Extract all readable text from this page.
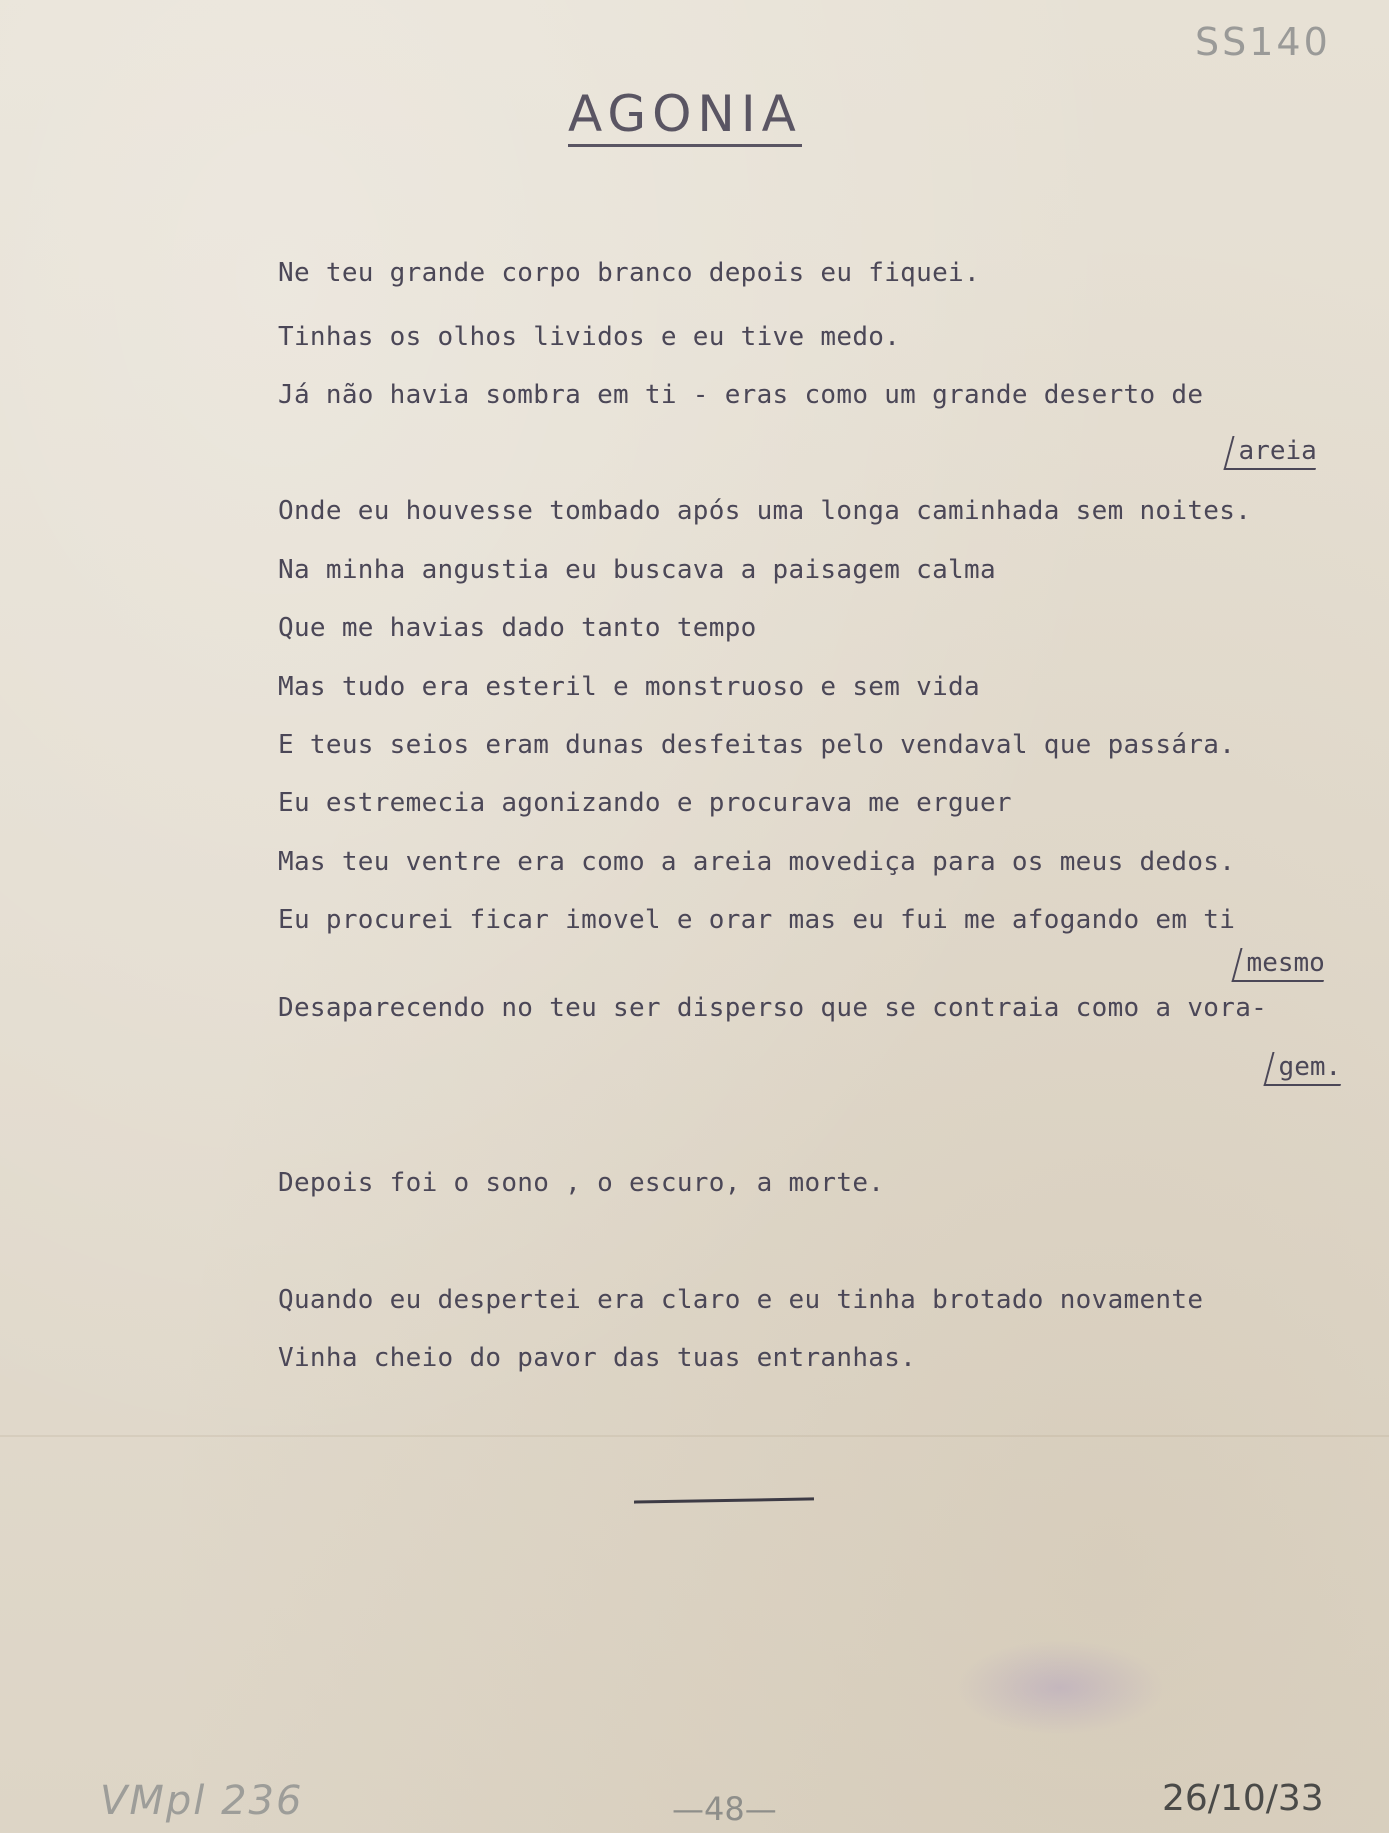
SS140
AGONIA
Ne teu grande corpo branco depois eu fiquei.
Tinhas os olhos lividos e eu tive medo.
Já não havia sombra em ti - eras como um grande deserto de
areia
Onde eu houvesse tombado após uma longa caminhada sem noites.
Na minha angustia eu buscava a paisagem calma
Que me havias dado tanto tempo
Mas tudo era esteril e monstruoso e sem vida
E teus seios eram dunas desfeitas pelo vendaval que passára.
Eu estremecia agonizando e procurava me erguer
Mas teu ventre era como a areia movediça para os meus dedos.
Eu procurei ficar imovel e orar mas eu fui me afogando em ti
mesmo
Desaparecendo no teu ser disperso que se contraia como a vora-
gem.
Depois foi o sono , o escuro, a morte.
Quando eu despertei era claro e eu tinha brotado novamente
Vinha cheio do pavor das tuas entranhas.
VMpl 236	—48—	26/10/33
